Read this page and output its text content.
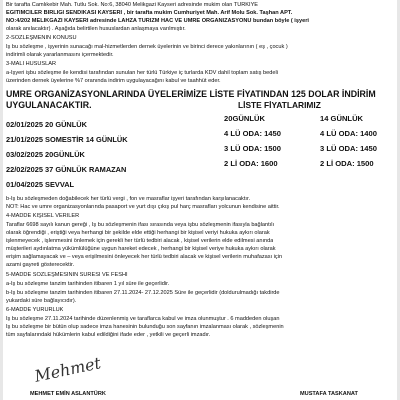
Bir tarafta Camlıkebir Mah. Tutlu Sok. No:6, 38040 Melikgazi Kayseri adresinde mukim olan TÜRKİYE
EĞİTİMCİLER BİRLİĞİ SENDİKASI KAYSERİ , bir tarafta mukim Cumhuriyet Mah. Arif Molu Sok. Taşhan APT.
NO:4/202 MELİKGAZİ KAYSERİ adresinde LAHZA TURİZM HAC VE UMRE ORGANİZASYONU bundan böyle ( işyeri
olarak anılacaktır) . Aşağıda belirtilen hususlardan anlaşmaya varılmıştır.
2-SÖZLEŞMENİN KONUSU
İş bu sözleşme , işyerinin sunacağı mal-hizmetlerden dernek üyelerinin ve birinci derece yakınlarının ( eş , çocuk )
indirimli olarak yararlanmasını içermektedir.
3-MALİ HUSUSLAR
a-İşyeri işbu sözleşme ile kendisi tarafından sunulan her türlü Türkiye iç turlarda KDV dahil toplam satış bedeli
üzerinden dernek üyelerine %7 oranında indirim uygulayacağını kabul ve taahhüt eder.
UMRE ORGANİZASYONLARINDA ÜYELERİMİZE LİSTE FİYATINDAN 125 DOLAR İNDİRİM
UYGULANACAKTIR.	LİSTE FİYATLARIMIZ
02/01/2025 20 GÜNLÜK
21/01/2025 SOMESTİR 14 GÜNLÜK
03/02/2025 20GÜNLÜK
22/02/2025 37 GÜNLÜK RAMAZAN
01/04/2025 SEVVAL
20GÜNLÜK
4 LÜ ODA: 1450
3 LÜ ODA: 1500
2 Lİ ODA: 1600
14 GÜNLÜK
4 LÜ ODA: 1400
3 LÜ ODA: 1450
2 Lİ ODA: 1500
b-İş bu sözleşmeden doğabilecek her türlü vergi , fon ve masraflar işyeri tarafından karşılanacaktır.
NOT: Hac ve umre organizasyonlarında pasaport ve yurt dışı çıkış pul harç masrafları yolcunun kendisine aittir.
4-MADDE KİŞİSEL VERİLER
Taraflar 6698 sayılı kanun gereği , İş bu sözleşmenin ifası sırasında veya işbu sözleşmenin ifasıyla bağlantılı
olarak öğrendiği , eriştiği veya herhangi bir şekilde elde ettiği herhangi bir kişisel veriyi hukuka aykırı olarak
işlenmeyecek , işlenmesini önlemek için gerekli her türlü tedbiri alacak , kişisel verilerin elde edilmesi anında
müşterileri aydınlatma yükümlülüğüne uygun hareket edecek , herhangi bir kişisel veriye hukuka aykırı olarak
erişim sağlamayacak ve – veya erişilmesini önleyecek her türlü tedbiri alacak ve kişisel verilerin muhafazası için
azami gayreti gösterecektir.
5-MADDE SÖZLEŞMESİNİN SÜRESİ VE FESHİ
a-İş bu sözleşme tanzim tarihinden itibaren 1 yıl süre ile geçerlidir.
b-İş bu sözleşme tanzim tarihinden itibaren 27.11.2024- 27.12.2025 Süre ile geçerlidir (doldurulmadığı takdirde
yukardaki süre bağlayıcıdır).
6-MADDE YÜRÜRLÜK
İş bu sözleşme 27.11.2024 tarihinde düzenlenmiş ve taraflarca kabul ve imza olunmuştur . 6 maddeden oluşan
İş bu sözleşme bir bütün olup sadece imza hanesinin bulunduğu son sayfanın imzalanması olarak , sözleşmenin
tüm sayfalarındaki hükümlerin kabul edildiğini ifade eder , yetkili ve geçerli imzadır.
Mehmet
MEHMET EMİN ASLANTÜRK	MUSTAFA TASKANAT
